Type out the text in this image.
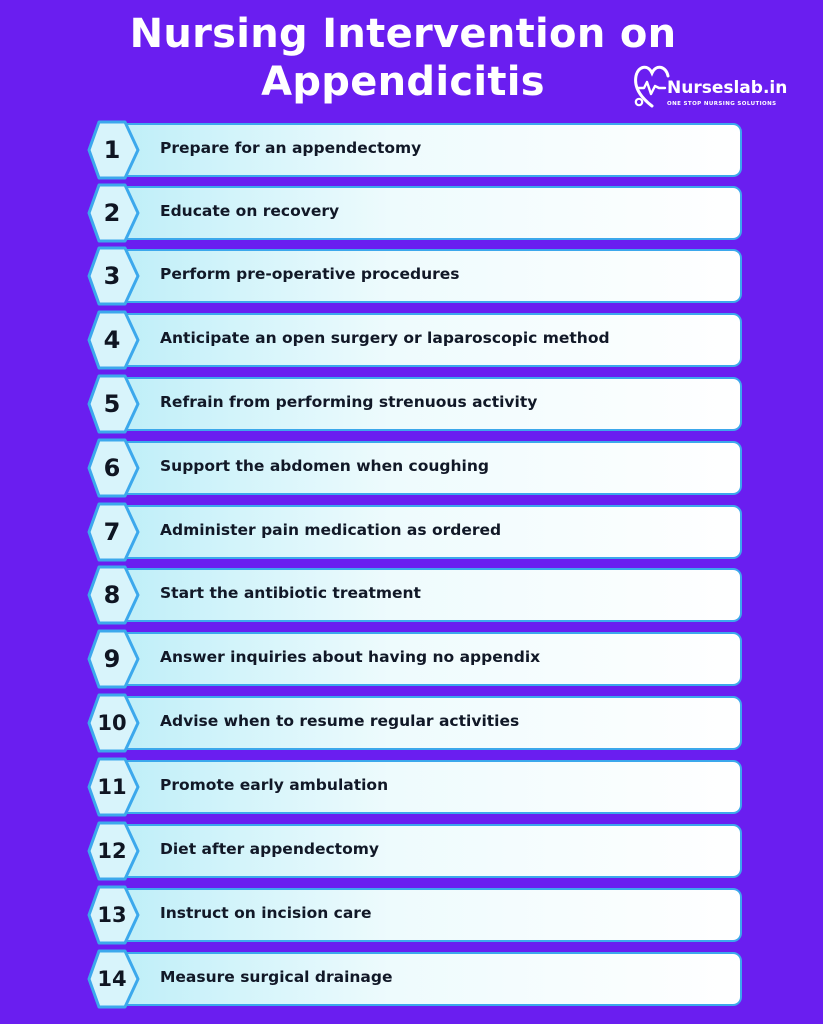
Nursing Intervention on
Appendicitis	Nurseslab.in
ONE STOP NURSING SOLUTIONS
Prepare for an appendectomy
1
Educate on recovery
2
Perform pre-operative procedures
3
Anticipate an open surgery or laparoscopic method
4
Refrain from performing strenuous activity
5
Support the abdomen when coughing
6
Administer pain medication as ordered
7
Start the antibiotic treatment
8
Answer inquiries about having no appendix
9
Advise when to resume regular activities
10
Promote early ambulation
11
Diet after appendectomy
12
Instruct on incision care
13
Measure surgical drainage
14
